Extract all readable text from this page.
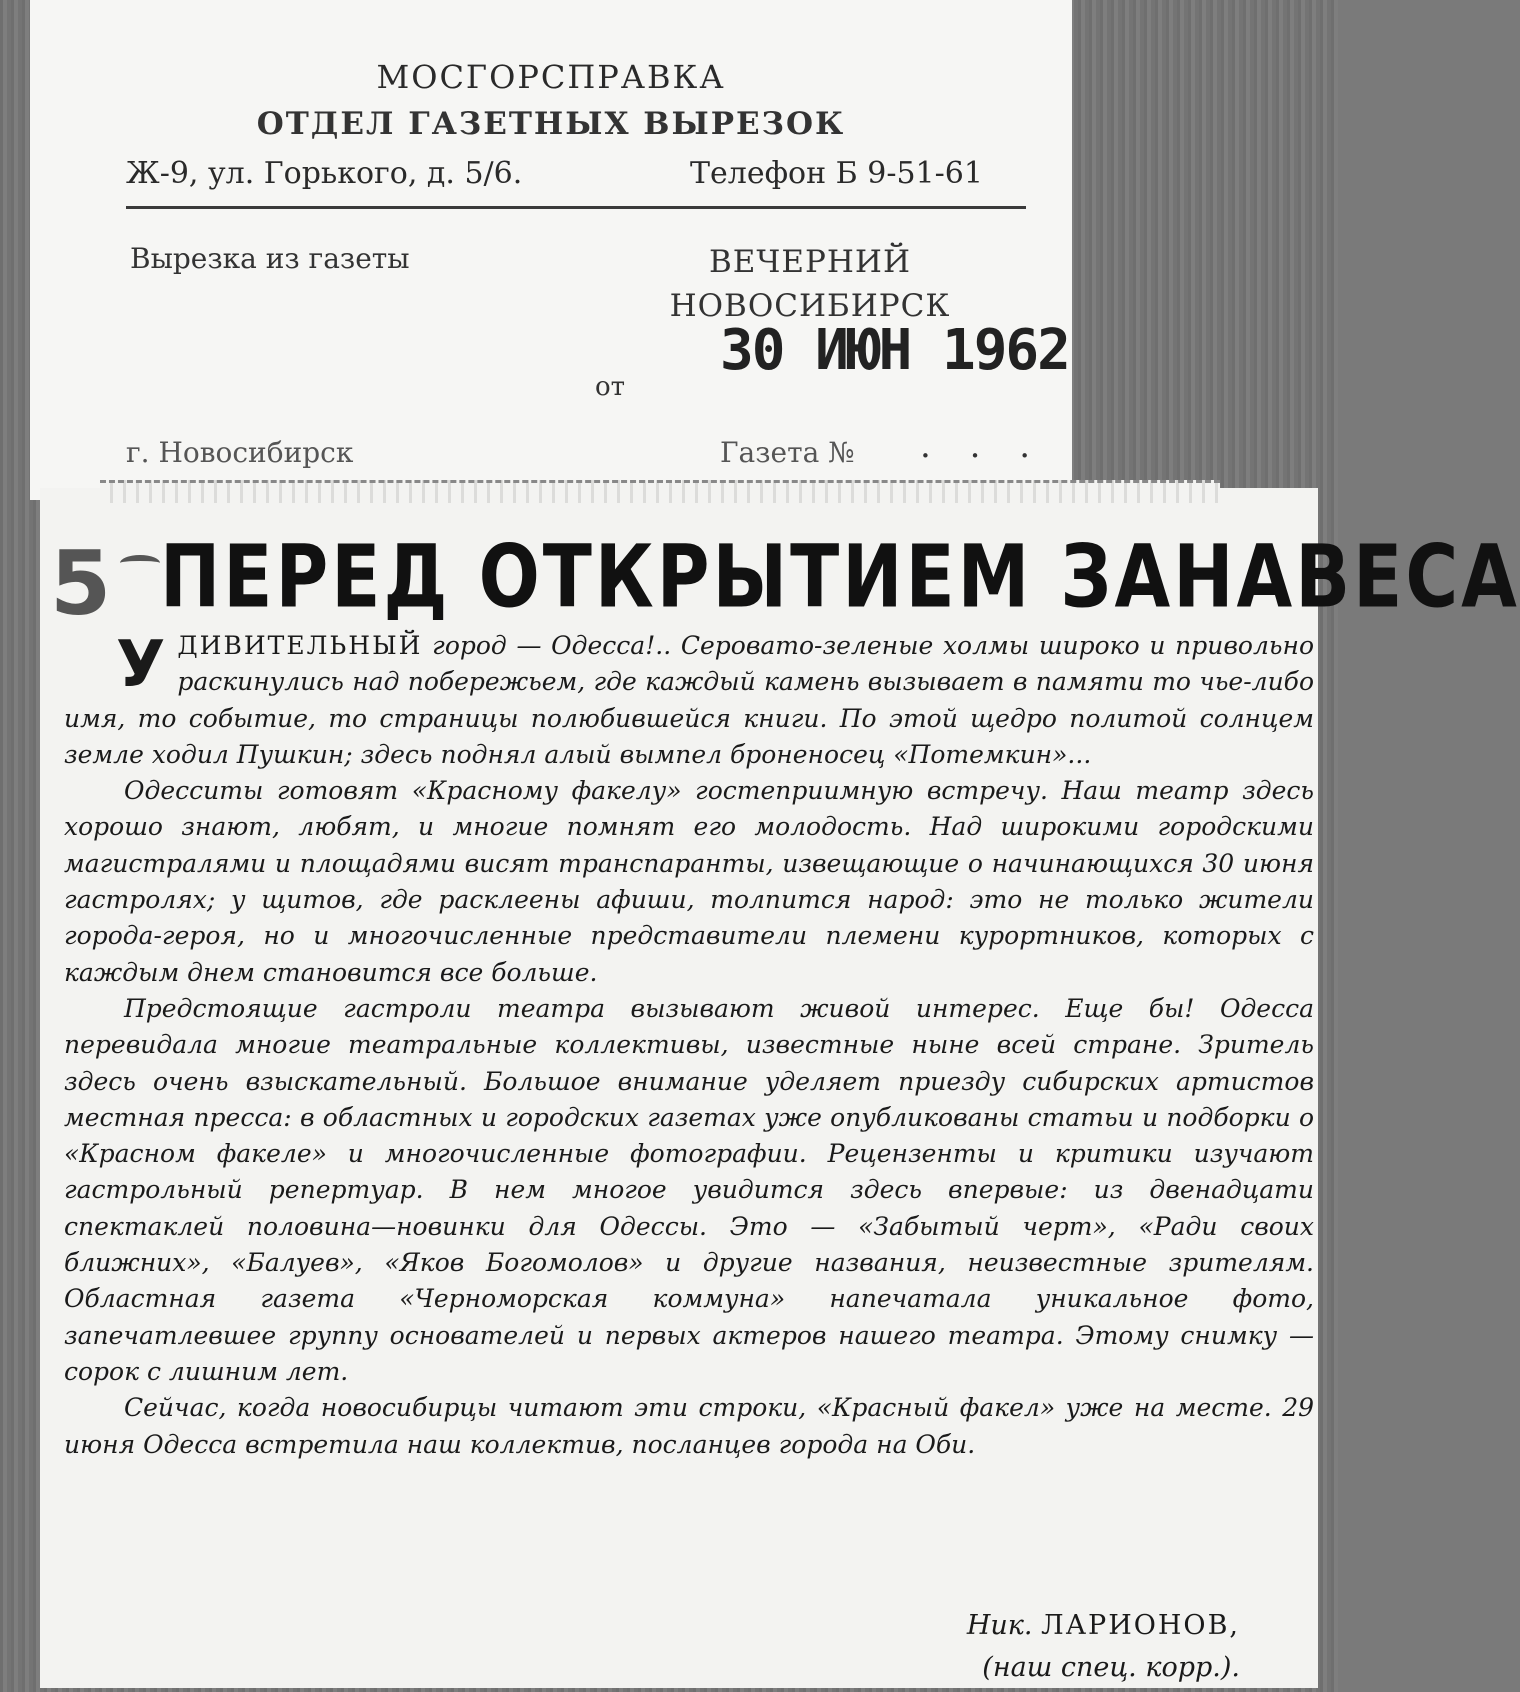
МОСГОРСПРАВКА
ОТДЕЛ ГАЗЕТНЫХ ВЫРЕЗОК
Ж-9, ул. Горького, д. 5/6.	Телефон Б 9-51-61
Вырезка из газеты	ВЕЧЕРНИЙ НОВОСИБИРСК
от
30 ИЮН 1962
г. Новосибирск	Газета № . . .
5 ПЕРЕД ОТКРЫТИЕМ ЗАНАВЕСА

УДИВИТЕЛЬНЫЙ город — Одесса!.. Серовато-зеленые холмы широко и привольно раскинулись над побережьем, где каждый камень вызывает в памяти то чье-либо имя, то событие, то страницы полюбившейся книги. По этой щедро политой солнцем земле ходил Пушкин; здесь поднял алый вымпел броненосец «Потемкин»...

Одесситы готовят «Красному факелу» гостеприимную встречу. Наш театр здесь хорошо знают, любят, и многие помнят его молодость. Над широкими городскими магистралями и площадями висят транспаранты, извещающие о начинающихся 30 июня гастролях; у щитов, где расклеены афиши, толпится народ: это не только жители города-героя, но и многочисленные представители племени курортников, которых с каждым днем становится все больше.

Предстоящие гастроли театра вызывают живой интерес. Еще бы! Одесса перевидала многие театральные коллективы, известные ныне всей стране. Зритель здесь очень взыскательный. Большое внимание уделяет приезду сибирских артистов местная пресса: в областных и городских газетах уже опубликованы статьи и подборки о «Красном факеле» и многочисленные фотографии. Рецензенты и критики изучают гастрольный репертуар. В нем многое увидится здесь впервые: из двенадцати спектаклей половина—новинки для Одессы. Это — «Забытый черт», «Ради своих ближних», «Балуев», «Яков Богомолов» и другие названия, неизвестные зрителям. Областная газета «Черноморская коммуна» напечатала уникальное фото, запечатлевшее группу основателей и первых актеров нашего театра. Этому снимку — сорок с лишним лет.

Сейчас, когда новосибирцы читают эти строки, «Красный факел» уже на месте. 29 июня Одесса встретила наш коллектив, посланцев города на Оби.

Ник. ЛАРИОНОВ,
(наш спец. корр.).
